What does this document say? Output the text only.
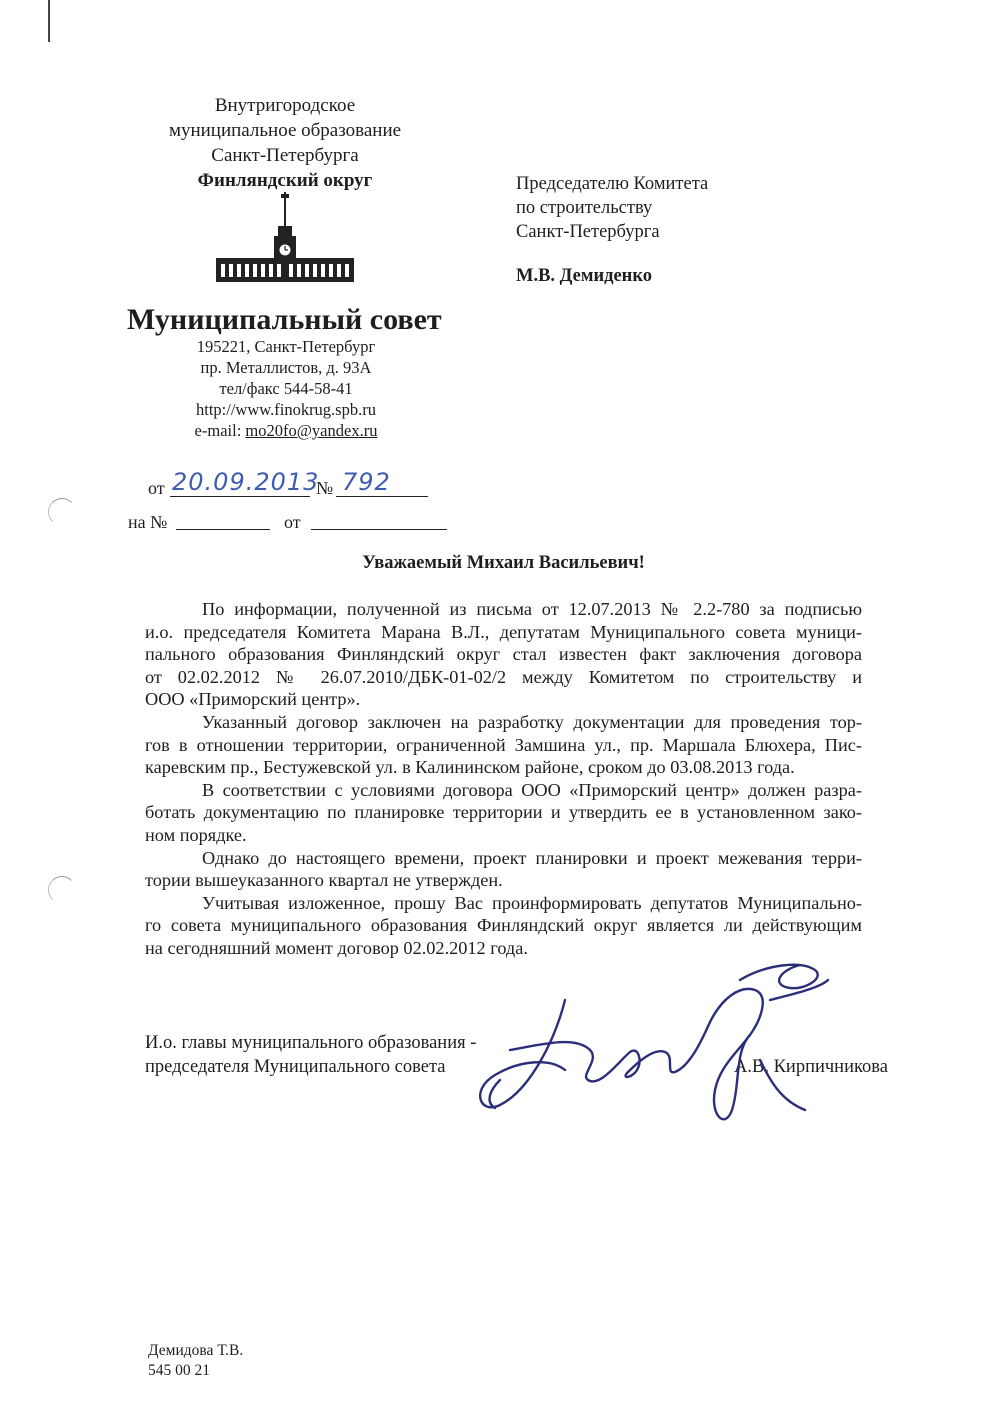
Внутригородское
муниципальное образование
Санкт-Петербурга
Финляндский округ
Муниципальный совет
195221, Санкт-Петербург
пр. Металлистов, д. 93А
тел/факс 544-58-41
http://www.finokrug.spb.ru
e-mail: mo20fo@yandex.ru
от 20.09.2013
№ 792
на №	от
Председателю Комитета
по строительству
Санкт-Петербурга
М.В. Демиденко
Уважаемый Михаил Васильевич!
По информации, полученной из письма от 12.07.2013 № 2.2-780 за подписью
и.о. председателя Комитета Марана В.Л., депутатам Муниципального совета муници-
пального образования Финляндский округ стал известен факт заключения договора
от 02.02.2012 № 26.07.2010/ДБК-01-02/2 между Комитетом по строительству и
ООО «Приморский центр».
Указанный договор заключен на разработку документации для проведения тор-
гов в отношении территории, ограниченной Замшина ул., пр. Маршала Блюхера, Пис-
каревским пр., Бестужевской ул. в Калининском районе, сроком до 03.08.2013 года.
В соответствии с условиями договора ООО «Приморский центр» должен разра-
ботать документацию по планировке территории и утвердить ее в установленном зако-
ном порядке.
Однако до настоящего времени, проект планировки и проект межевания терри-
тории вышеуказанного квартал не утвержден.
Учитывая изложенное, прошу Вас проинформировать депутатов Муниципально-
го совета муниципального образования Финляндский округ является ли действующим
на сегодняшний момент договор 02.02.2012 года.
И.о. главы муниципального образования -
председателя Муниципального совета	А.В. Кирпичникова
Демидова Т.В.
545 00 21
